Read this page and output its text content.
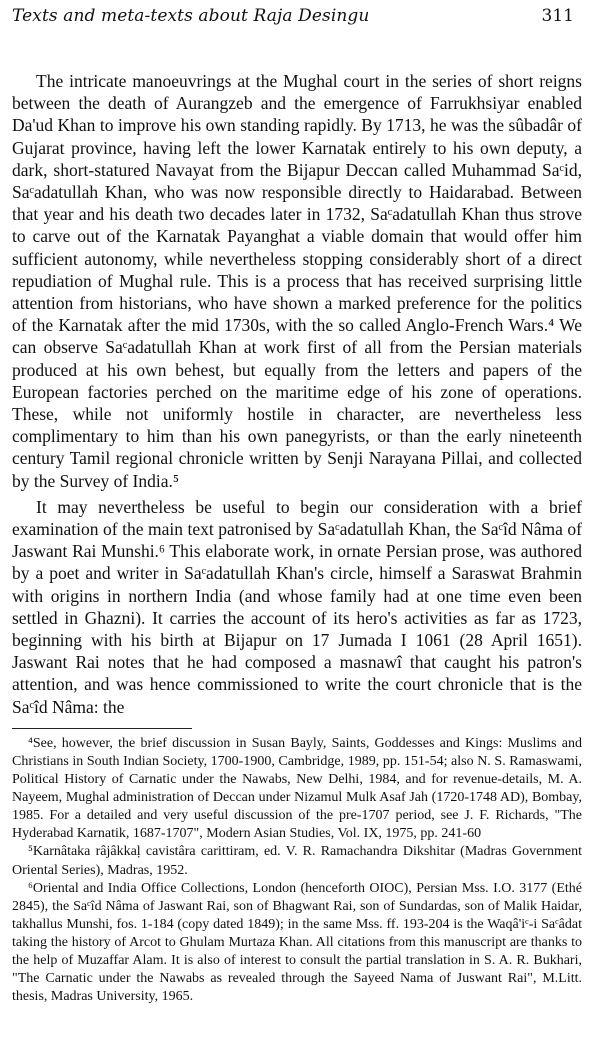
Texts and meta-texts about Raja Desingu	311

The intricate manoeuvrings at the Mughal court in the series of short reigns between the death of Aurangzeb and the emergence of Farrukhsiyar enabled Da'ud Khan to improve his own standing rapidly. By 1713, he was the sûbadâr of Gujarat province, having left the lower Karnatak entirely to his own deputy, a dark, short-statured Navayat from the Bijapur Deccan called Muhammad Saᶜid, Saᶜadatullah Khan, who was now responsible directly to Haidarabad. Between that year and his death two decades later in 1732, Saᶜadatullah Khan thus strove to carve out of the Karnatak Payanghat a viable domain that would offer him sufficient autonomy, while nevertheless stopping considerably short of a direct repudiation of Mughal rule. This is a process that has received surprising little attention from historians, who have shown a marked preference for the politics of the Karnatak after the mid 1730s, with the so called Anglo-French Wars.⁴ We can observe Saᶜadatullah Khan at work first of all from the Persian materials produced at his own behest, but equally from the letters and papers of the European factories perched on the maritime edge of his zone of operations. These, while not uniformly hostile in character, are nevertheless less complimentary to him than his own panegyrists, or than the early nineteenth century Tamil regional chronicle written by Senji Narayana Pillai, and collected by the Survey of India.⁵

It may nevertheless be useful to begin our consideration with a brief examination of the main text patronised by Saᶜadatullah Khan, the Saᶜîd Nâma of Jaswant Rai Munshi.⁶ This elaborate work, in ornate Persian prose, was authored by a poet and writer in Saᶜadatullah Khan's circle, himself a Saraswat Brahmin with origins in northern India (and whose family had at one time even been settled in Ghazni). It carries the account of its hero's activities as far as 1723, beginning with his birth at Bijapur on 17 Jumada I 1061 (28 April 1651). Jaswant Rai notes that he had composed a masnawî that caught his patron's attention, and was hence commissioned to write the court chronicle that is the Saᶜîd Nâma: the

⁴See, however, the brief discussion in Susan Bayly, Saints, Goddesses and Kings: Muslims and Christians in South Indian Society, 1700-1900, Cambridge, 1989, pp. 151-54; also N. S. Ramaswami, Political History of Carnatic under the Nawabs, New Delhi, 1984, and for revenue-details, M. A. Nayeem, Mughal administration of Deccan under Nizamul Mulk Asaf Jah (1720-1748 AD), Bombay, 1985. For a detailed and very useful discussion of the pre-1707 period, see J. F. Richards, "The Hyderabad Karnatik, 1687-1707", Modern Asian Studies, Vol. IX, 1975, pp. 241-60

⁵Karnâtaka râjâkkaḷ cavistâra carittiram, ed. V. R. Ramachandra Dikshitar (Madras Government Oriental Series), Madras, 1952.

⁶Oriental and India Office Collections, London (henceforth OIOC), Persian Mss. I.O. 3177 (Ethé 2845), the Saᶜîd Nâma of Jaswant Rai, son of Bhagwant Rai, son of Sundardas, son of Malik Haidar, takhallus Munshi, fos. 1-184 (copy dated 1849); in the same Mss. ff. 193-204 is the Waqâ'iᶜ-i Saᶜâdat taking the history of Arcot to Ghulam Murtaza Khan. All citations from this manuscript are thanks to the help of Muzaffar Alam. It is also of interest to consult the partial translation in S. A. R. Bukhari, "The Carnatic under the Nawabs as revealed through the Sayeed Nama of Juswant Rai", M.Litt. thesis, Madras University, 1965.
